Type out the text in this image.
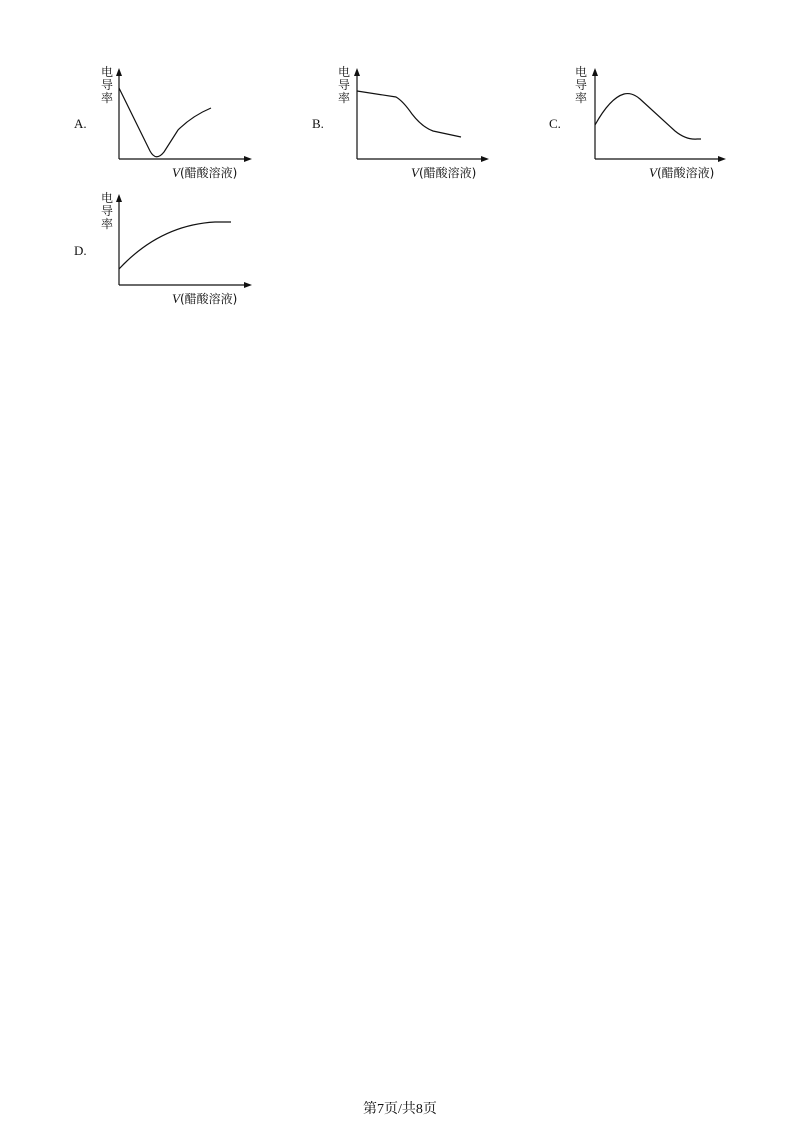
A.
电导率
V(醋酸溶液)
B.
电导率
V(醋酸溶液)
C.
电导率
V(醋酸溶液)
D.
电导率
V(醋酸溶液)
第7页/共8页
